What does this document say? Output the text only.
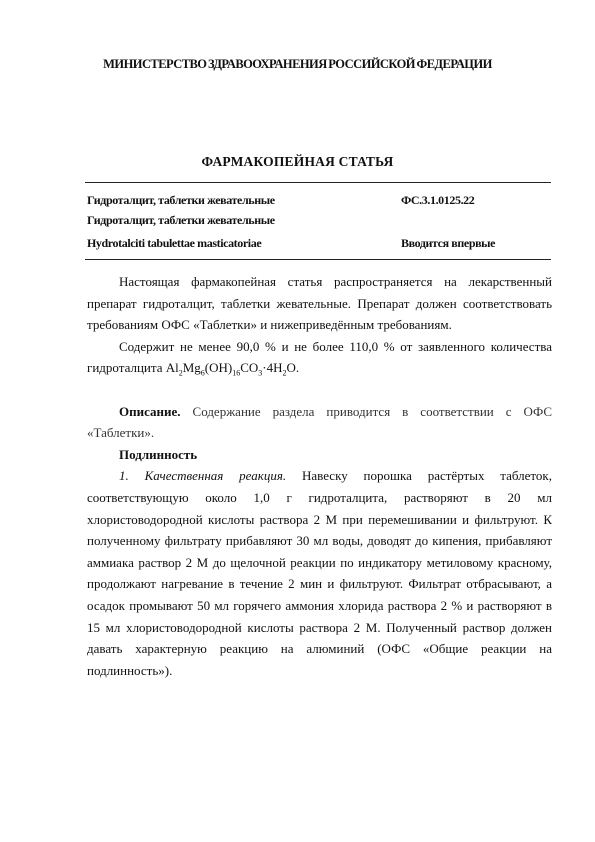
МИНИСТЕРСТВО ЗДРАВООХРАНЕНИЯ РОССИЙСКОЙ ФЕДЕРАЦИИ
ФАРМАКОПЕЙНАЯ СТАТЬЯ
Гидроталцит, таблетки жевательные	ФС.3.1.0125.22
Гидроталцит, таблетки жевательные
Hydrotalciti tabulettae masticatoriae	Вводится впервые

Настоящая фармакопейная статья распространяется на лекарственный препарат гидроталцит, таблетки жевательные. Препарат должен соответствовать требованиям ОФС «Таблетки» и нижеприведённым требованиям.

Содержит не менее 90,0 % и не более 110,0 % от заявленного количества гидроталцита $Al_2Mg_6(OH)_{16}CO_3\cdot 4H_2O$.

Описание. Содержание раздела приводится в соответствии с ОФС «Таблетки».

Подлинность

1. Качественная реакция. Навеску порошка растёртых таблеток, соответствующую около 1,0 г гидроталцита, растворяют в 20 мл хлористоводородной кислоты раствора 2 М при перемешивании и фильтруют. К полученному фильтрату прибавляют 30 мл воды, доводят до кипения, прибавляют аммиака раствор 2 М до щелочной реакции по индикатору метиловому красному, продолжают нагревание в течение 2 мин и фильтруют. Фильтрат отбрасывают, а осадок промывают 50 мл горячего аммония хлорида раствора 2 % и растворяют в 15 мл хлористоводородной кислоты раствора 2 М. Полученный раствор должен давать характерную реакцию на алюминий (ОФС «Общие реакции на подлинность»).
